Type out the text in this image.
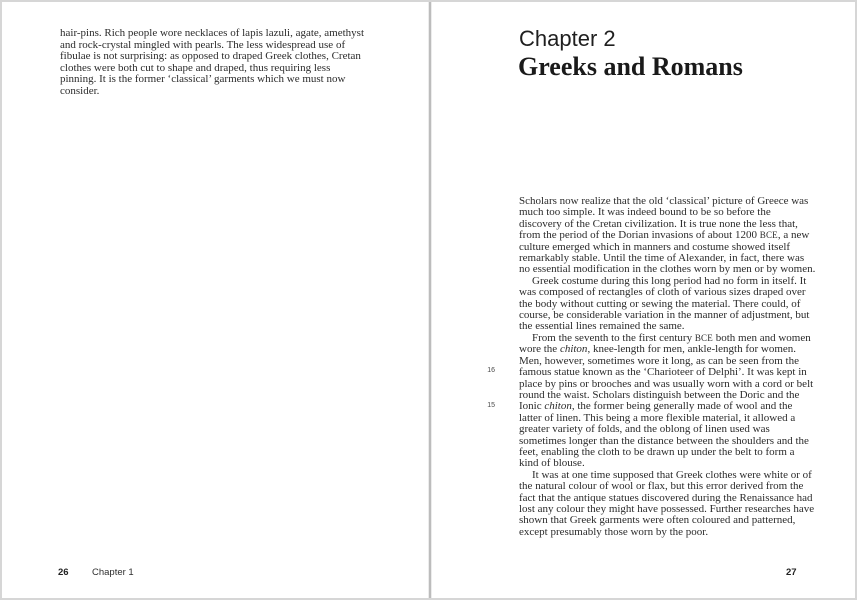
hair-pins. Rich people wore necklaces of lapis lazuli, agate, amethyst and rock-crystal mingled with pearls. The less widespread use of fibulae is not surprising: as opposed to draped Greek clothes, Cretan clothes were both cut to shape and draped, thus requiring less pinning. It is the former ‘classical’ garments which we must now consider.
26 Chapter 1
Chapter 2
Greeks and Romans
16
15

Scholars now realize that the old ‘classical’ picture of Greece was much too simple. It was indeed bound to be so before the discovery of the Cretan civilization. It is true none the less that, from the period of the Dorian invasions of about 1200 BCE, a new culture emerged which in manners and costume showed itself remarkably stable. Until the time of Alexander, in fact, there was no essential modification in the clothes worn by men or by women.

Greek costume during this long period had no form in itself. It was composed of rectangles of cloth of various sizes draped over the body without cutting or sewing the material. There could, of course, be considerable variation in the manner of adjustment, but the essential lines remained the same.

From the seventh to the first century BCE both men and women wore the chiton, knee-length for men, ankle-length for women. Men, however, sometimes wore it long, as can be seen from the famous statue known as the ‘Charioteer of Delphi’. It was kept in place by pins or brooches and was usually worn with a cord or belt round the waist. Scholars distinguish between the Doric and the Ionic chiton, the former being generally made of wool and the latter of linen. This being a more flexible material, it allowed a greater variety of folds, and the oblong of linen used was sometimes longer than the distance between the shoulders and the feet, enabling the cloth to be drawn up under the belt to form a kind of blouse.

It was at one time supposed that Greek clothes were white or of the natural colour of wool or flax, but this error derived from the fact that the antique statues discovered during the Renaissance had lost any colour they might have possessed. Further researches have shown that Greek garments were often coloured and patterned, except presumably those worn by the poor.

27
